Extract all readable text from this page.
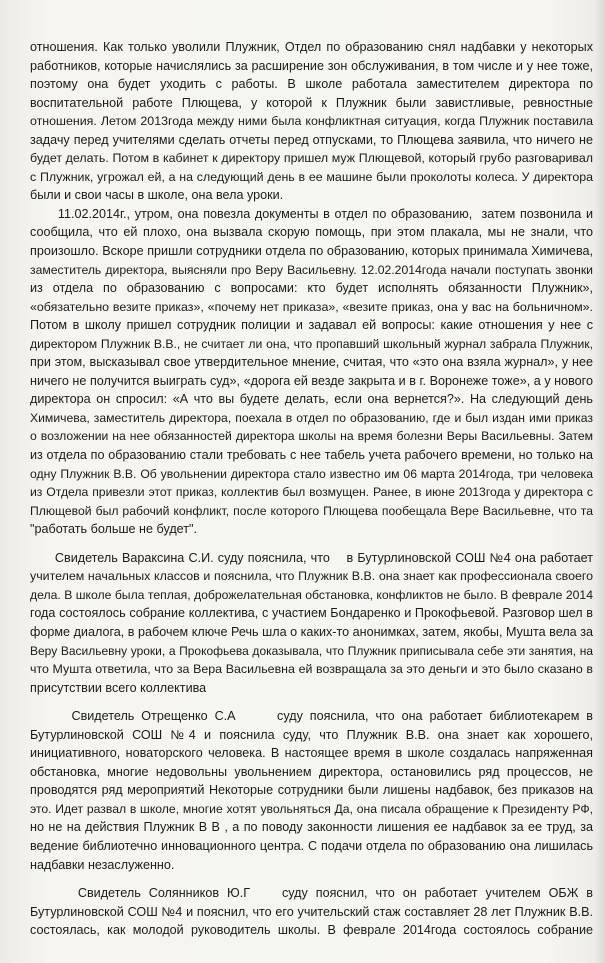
отношения. Как только уволили Плужник, Отдел по образованию снял надбавки у некоторых
работников, которые начислялись за расширение зон обслуживания, в том числе и у нее тоже,
поэтому она будет уходить с работы. В школе работала заместителем директора по
воспитательной работе Плющева, у которой к Плужник были завистливые, ревностные
отношения. Летом 2013года между ними была конфликтная ситуация, когда Плужник поставила
задачу перед учителями сделать отчеты перед отпусками, то Плющева заявила, что ничего не
будет делать. Потом в кабинет к директору пришел муж Плющевой, который грубо разговаривал
с Плужник, угрожал ей, а на следующий день в ее машине были проколоты колеса. У директора
были и свои часы в школе, она вела уроки.
11.02.2014г., утром, она повезла документы в отдел по образованию,  затем позвонила и
сообщила, что ей плохо, она вызвала скорую помощь, при этом плакала, мы не знали, что
произошло. Вскоре пришли сотрудники отдела по образованию, которых принимала Химичева,
заместитель директора, выясняли про Веру Васильевну. 12.02.2014года начали поступать звонки
из отдела по образованию с вопросами: кто будет исполнять обязанности Плужник»,
«обязательно везите приказ», «почему нет приказа», «везите приказ, она у вас на больничном».
Потом в школу пришел сотрудник полиции и задавал ей вопросы: какие отношения у нее с
директором Плужник В.В., не считает ли она, что пропавший школьный журнал забрала Плужник,
при этом, высказывал свое утвердительное мнение, считая, что «это она взяла журнал», у нее
ничего не получится выиграть суд», «дорога ей везде закрыта и в г. Воронеже тоже», а у нового
директора он спросил: «А что вы будете делать, если она вернется?». На следующий день
Химичева, заместитель директора, поехала в отдел по образованию, где и был издан ими приказ
о возложении на нее обязанностей директора школы на время болезни Веры Васильевны. Затем
из отдела по образованию стали требовать с нее табель учета рабочего времени, но только на
одну Плужник В.В. Об увольнении директора стало известно им 06 марта 2014года, три человека
из Отдела привезли этот приказ, коллектив был возмущен. Ранее, в июне 2013года у директора с
Плющевой был рабочий конфликт, после которого Плющева пообещала Вере Васильевне, что та
"работать больше не будет".
Свидетель Вараксина С.И. суду пояснила, что    в Бутурлиновской СОШ №4 она работает
учителем начальных классов и пояснила, что Плужник В.В. она знает как профессионала своего
дела. В школе была теплая, доброжелательная обстановка, конфликтов не было. В феврале 2014
года состоялось собрание коллектива, с участием Бондаренко и Прокофьевой. Разговор шел в
форме диалога, в рабочем ключе Речь шла о каких-то анонимках, затем, якобы, Мушта вела за
Веру Васильевну уроки, а Прокофьева доказывала, что Плужник приписывала себе эти занятия, на
что Мушта ответила, что за Вера Васильевна ей возвращала за это деньги и это было сказано в
присутствии всего коллектива
Свидетель Отрещенко С.А      суду пояснила, что она работает библиотекарем в
Бутурлиновской СОШ №4 и пояснила суду, что Плужник В.В. она знает как хорошего,
инициативного, новаторского человека. В настоящее время в школе создалась напряженная
обстановка, многие недовольны увольнением директора, остановились ряд процессов, не
проводятся ряд мероприятий Некоторые сотрудники были лишены надбавок, без приказов на
это. Идет развал в школе, многие хотят увольняться Да, она писала обращение к Президенту РФ,
но не на действия Плужник В В , а по поводу законности лишения ее надбавок за ее труд, за
ведение библиотечно инновационного центра. С подачи отдела по образованию она лишилась
надбавки незаслуженно.
Свидетель Солянников Ю.Г    суду пояснил, что он работает учителем ОБЖ в
Бутурлиновской СОШ №4 и пояснил, что его учительский стаж составляет 28 лет Плужник В.В.
состоялась, как молодой руководитель школы. В феврале 2014года состоялось собрание
